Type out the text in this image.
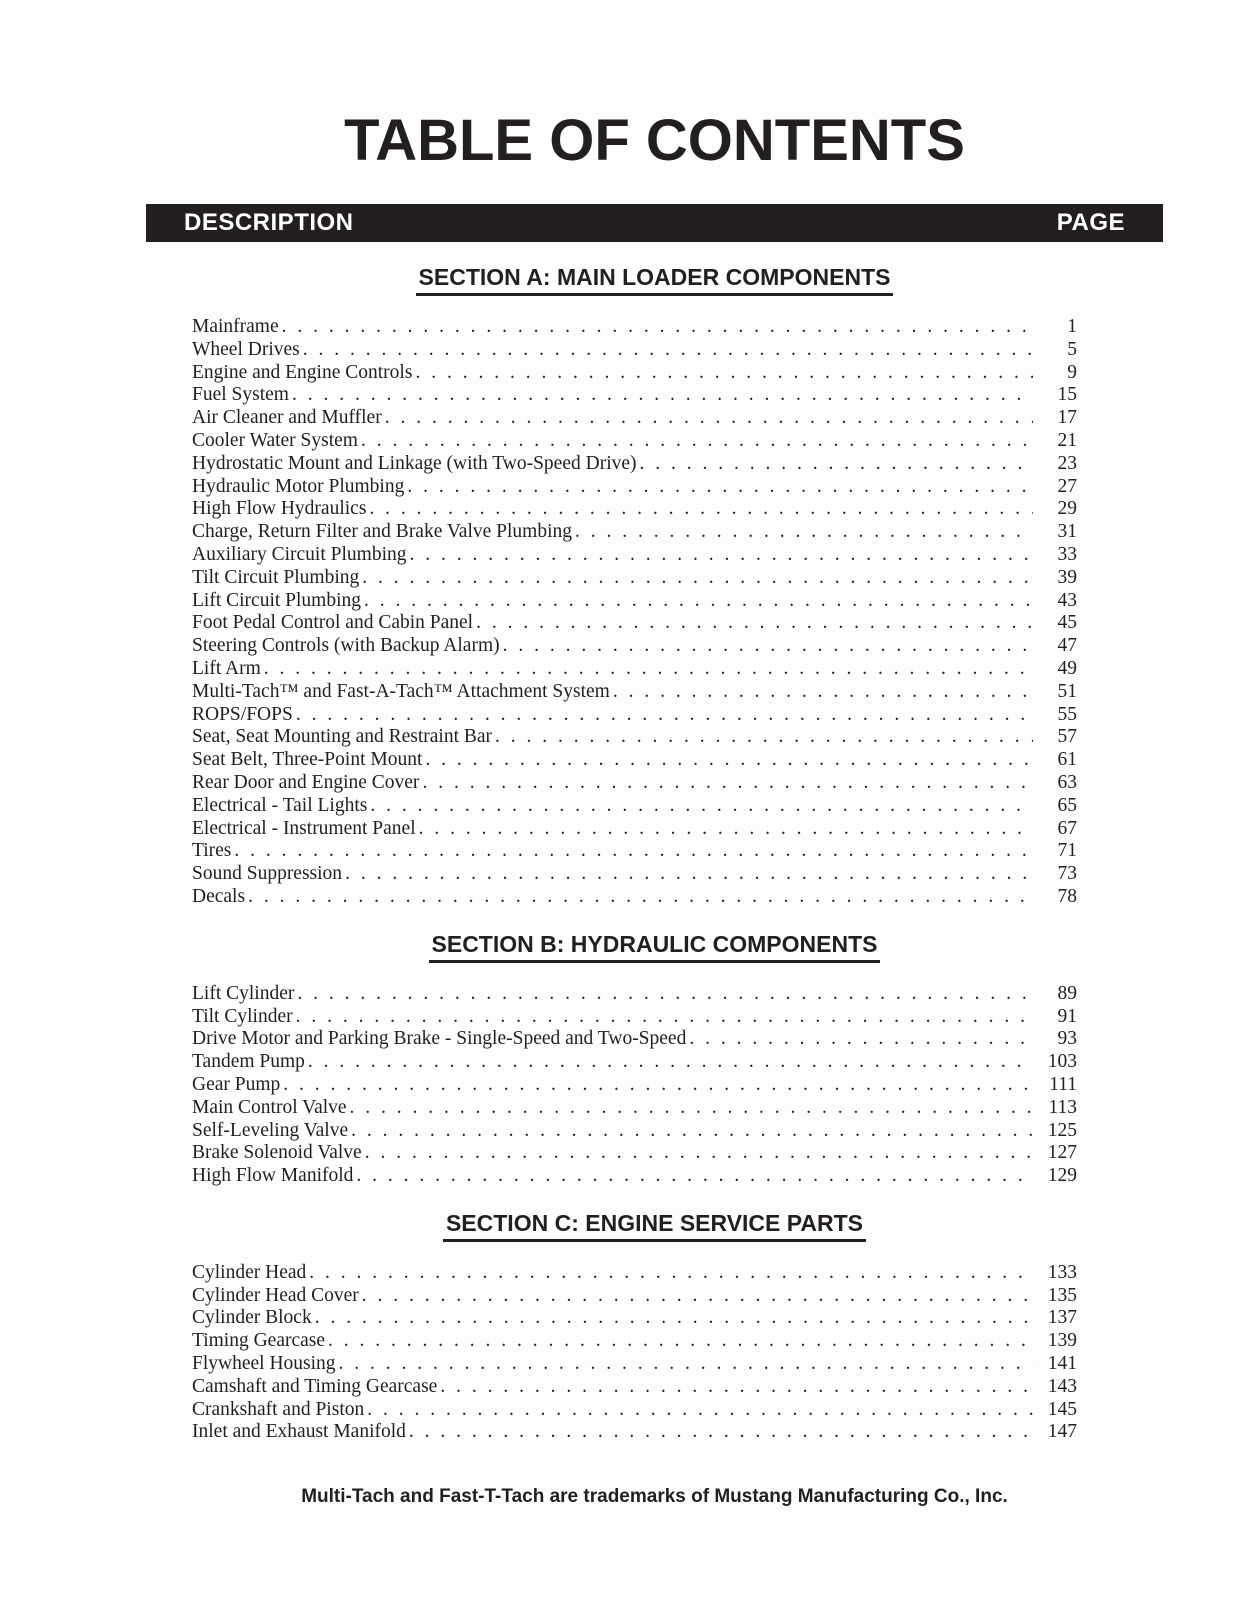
TABLE OF CONTENTS
DESCRIPTION	PAGE
SECTION A: MAIN LOADER COMPONENTS
Mainframe . . .	1
Wheel Drives . . .	5
Engine and Engine Controls . . .	9
Fuel System . . .	15
Air Cleaner and Muffler . . .	17
Cooler Water System . . .	21
Hydrostatic Mount and Linkage (with Two-Speed Drive) . . .	23
Hydraulic Motor Plumbing . . .	27
High Flow Hydraulics . . .	29
Charge, Return Filter and Brake Valve Plumbing . . .	31
Auxiliary Circuit Plumbing . . .	33
Tilt Circuit Plumbing . . .	39
Lift Circuit Plumbing . . .	43
Foot Pedal Control and Cabin Panel . . .	45
Steering Controls (with Backup Alarm) . . .	47
Lift Arm . . .	49
Multi-Tach™ and Fast-A-Tach™ Attachment System . . .	51
ROPS/FOPS . . .	55
Seat, Seat Mounting and Restraint Bar . . .	57
Seat Belt, Three-Point Mount . . .	61
Rear Door and Engine Cover . . .	63
Electrical - Tail Lights . . .	65
Electrical - Instrument Panel . . .	67
Tires . . .	71
Sound Suppression . . .	73
Decals . . .	78
SECTION B: HYDRAULIC COMPONENTS
Lift Cylinder . . .	89
Tilt Cylinder . . .	91
Drive Motor and Parking Brake - Single-Speed and Two-Speed . . .	93
Tandem Pump . . .	103
Gear Pump . . .	111
Main Control Valve . . .	113
Self-Leveling Valve . . .	125
Brake Solenoid Valve . . .	127
High Flow Manifold . . .	129
SECTION C: ENGINE SERVICE PARTS
Cylinder Head . . .	133
Cylinder Head Cover . . .	135
Cylinder Block . . .	137
Timing Gearcase . . .	139
Flywheel Housing . . .	141
Camshaft and Timing Gearcase . . .	143
Crankshaft and Piston . . .	145
Inlet and Exhaust Manifold . . .	147
Multi-Tach and Fast-T-Tach are trademarks of Mustang Manufacturing Co., Inc.
